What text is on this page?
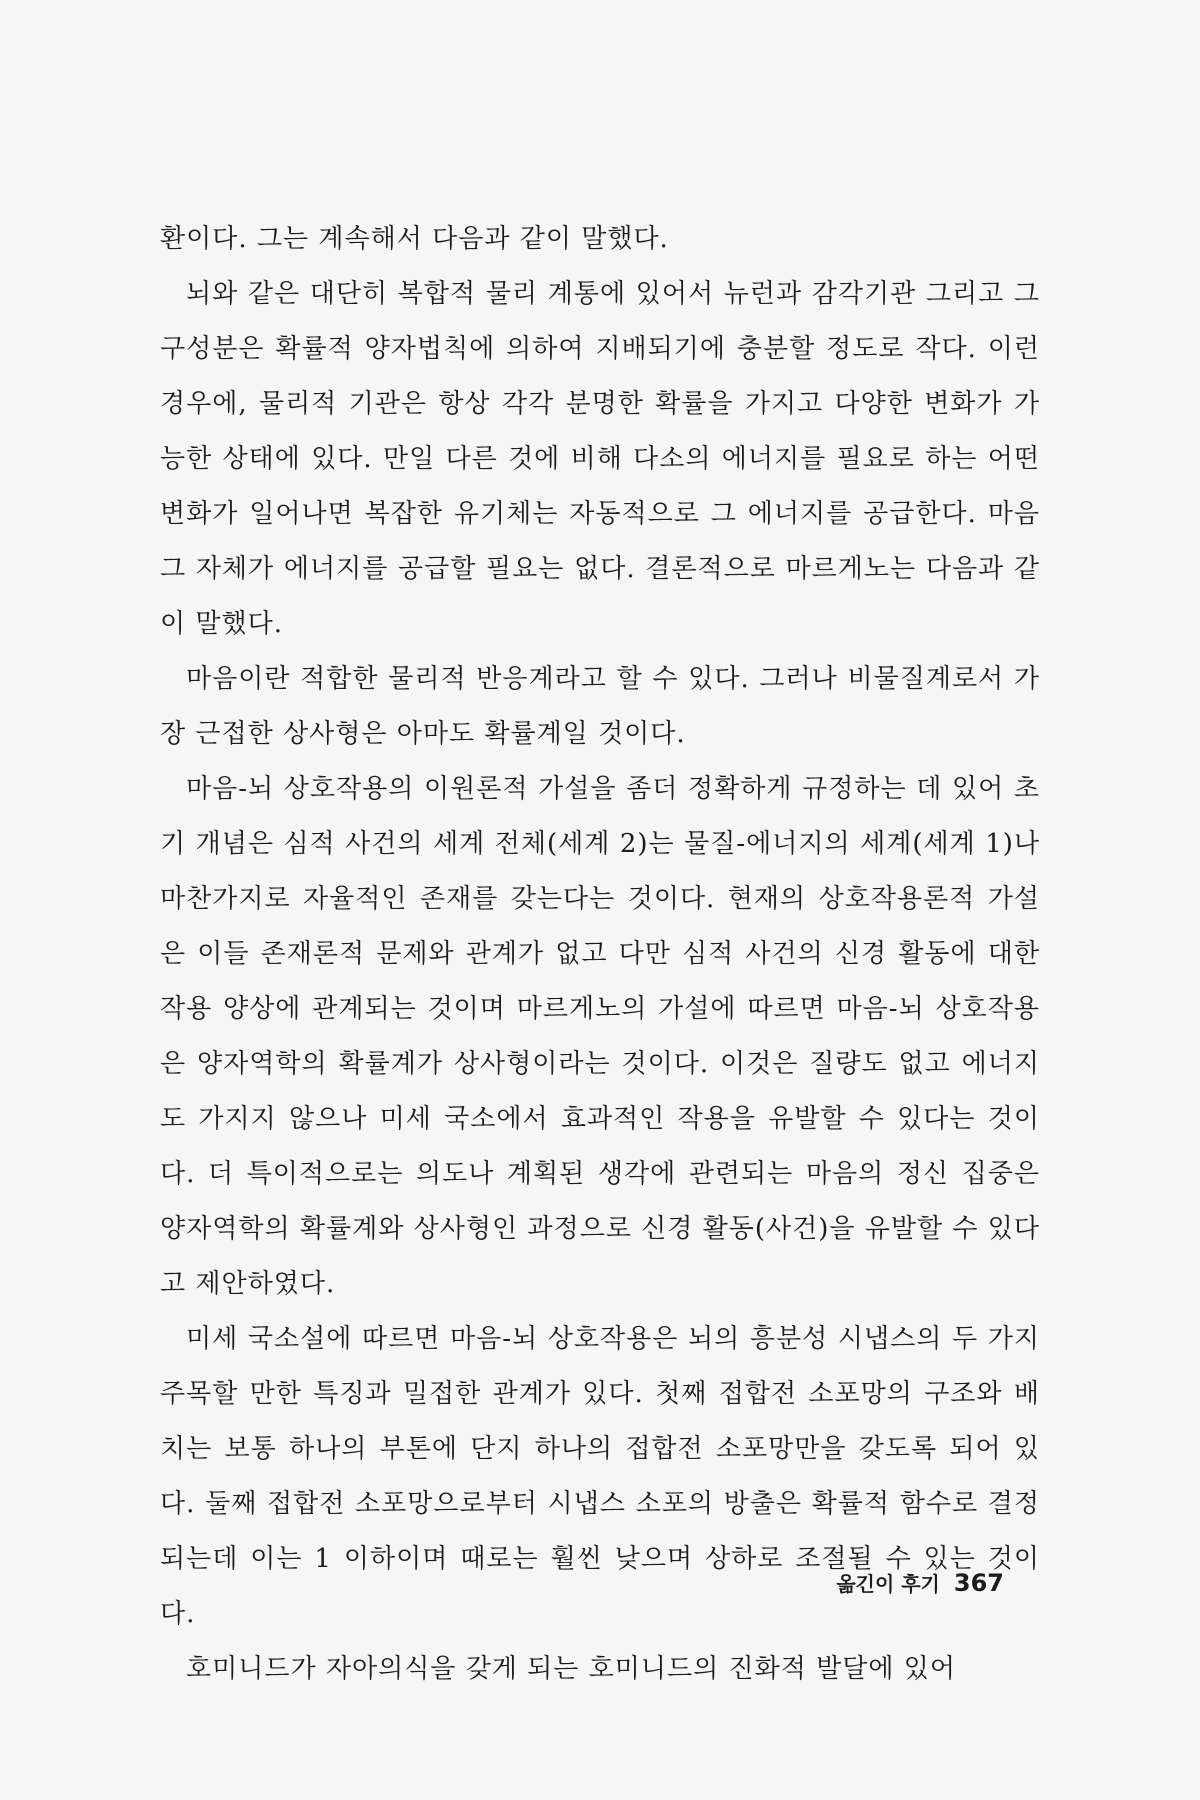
환이다. 그는 계속해서 다음과 같이 말했다.

뇌와 같은 대단히 복합적 물리 계통에 있어서 뉴런과 감각기관 그리고 그 구성분은 확률적 양자법칙에 의하여 지배되기에 충분할 정도로 작다. 이런 경우에, 물리적 기관은 항상 각각 분명한 확률을 가지고 다양한 변화가 가능한 상태에 있다. 만일 다른 것에 비해 다소의 에너지를 필요로 하는 어떤 변화가 일어나면 복잡한 유기체는 자동적으로 그 에너지를 공급한다. 마음 그 자체가 에너지를 공급할 필요는 없다. 결론적으로 마르게노는 다음과 같이 말했다.

마음이란 적합한 물리적 반응계라고 할 수 있다. 그러나 비물질계로서 가장 근접한 상사형은 아마도 확률계일 것이다.

마음-뇌 상호작용의 이원론적 가설을 좀더 정확하게 규정하는 데 있어 초기 개념은 심적 사건의 세계 전체(세계 2)는 물질-에너지의 세계(세계 1)나 마찬가지로 자율적인 존재를 갖는다는 것이다. 현재의 상호작용론적 가설은 이들 존재론적 문제와 관계가 없고 다만 심적 사건의 신경 활동에 대한 작용 양상에 관계되는 것이며 마르게노의 가설에 따르면 마음-뇌 상호작용은 양자역학의 확률계가 상사형이라는 것이다. 이것은 질량도 없고 에너지도 가지지 않으나 미세 국소에서 효과적인 작용을 유발할 수 있다는 것이다. 더 특이적으로는 의도나 계획된 생각에 관련되는 마음의 정신 집중은 양자역학의 확률계와 상사형인 과정으로 신경 활동(사건)을 유발할 수 있다고 제안하였다.

미세 국소설에 따르면 마음-뇌 상호작용은 뇌의 흥분성 시냅스의 두 가지 주목할 만한 특징과 밀접한 관계가 있다. 첫째 접합전 소포망의 구조와 배치는 보통 하나의 부톤에 단지 하나의 접합전 소포망만을 갖도록 되어 있다. 둘째 접합전 소포망으로부터 시냅스 소포의 방출은 확률적 함수로 결정되는데 이는 1 이하이며 때로는 훨씬 낮으며 상하로 조절될 수 있는 것이다.

호미니드가 자아의식을 갖게 되는 호미니드의 진화적 발달에 있어

옮긴이 후기 367
